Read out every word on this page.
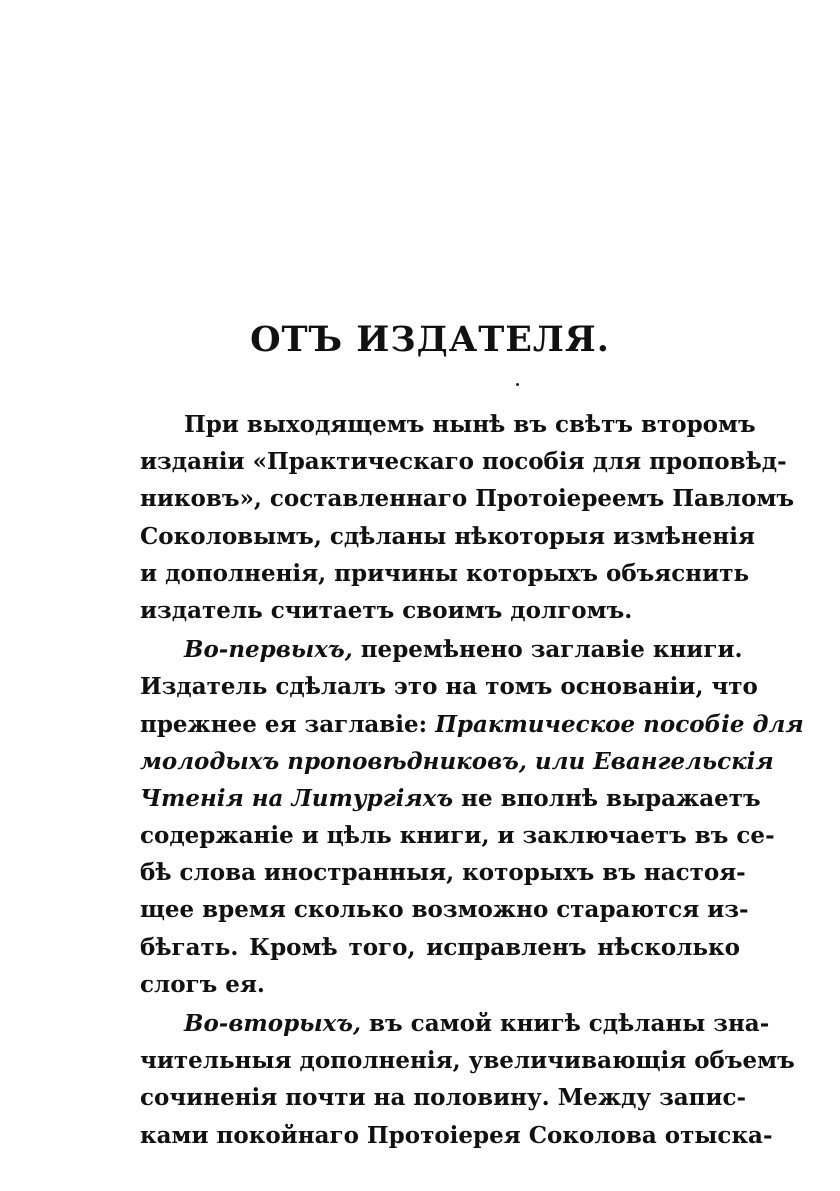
ОТЪ ИЗДАТЕЛЯ.
При выходящемъ нынѣ въ свѣтъ второмъ
изданіи «Практическаго пособія для проповѣд-
никовъ», составленнаго Протоіереемъ Павломъ
Соколовымъ, сдѣланы нѣкоторыя измѣненія
и дополненія, причины которыхъ объяснить
издатель считаетъ своимъ долгомъ.
Во-первыхъ, перемѣнено заглавіе книги.
Издатель сдѣлалъ это на томъ основаніи, что
прежнее ея заглавіе: Практическое пособіе для
молодыхъ проповѣдниковъ, или Евангельскія
Чтенія на Литургіяхъ не вполнѣ выражаетъ
содержаніе и цѣль книги, и заключаетъ въ се-
бѣ слова иностранныя, которыхъ въ настоя-
щее время сколько возможно стараются из-
бѣгать. Кромѣ того, исправленъ нѣсколько
слогъ ея.
Во-вторыхъ, въ самой книгѣ сдѣланы зна-
чительныя дополненія, увеличивающія объемъ
сочиненія почти на половину. Между запис-
ками покойнаго Протоіерея Соколова отыска-
